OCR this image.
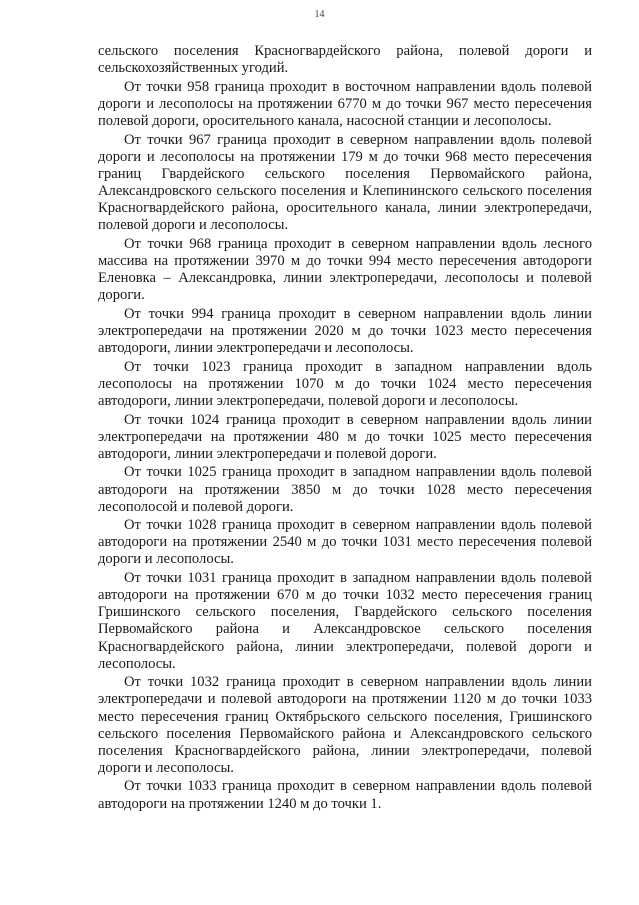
14

сельского поселения Красногвардейского района, полевой дороги и сельскохозяйственных угодий.

От точки 958 граница проходит в восточном направлении вдоль полевой дороги и лесополосы на протяжении 6770 м до точки 967 место пересечения полевой дороги, оросительного канала, насосной станции и лесополосы.

От точки 967 граница проходит в северном направлении вдоль полевой дороги и лесополосы на протяжении 179 м до точки 968 место пересечения границ Гвардейского сельского поселения Первомайского района, Александровского сельского поселения и Клепининского сельского поселения Красногвардейского района, оросительного канала, линии электропередачи, полевой дороги и лесополосы.

От точки 968 граница проходит в северном направлении вдоль лесного массива на протяжении 3970 м до точки 994 место пересечения автодороги Еленовка – Александровка, линии электропередачи, лесополосы и полевой дороги.

От точки 994 граница проходит в северном направлении вдоль линии электропередачи на протяжении 2020 м до точки 1023 место пересечения автодороги, линии электропередачи и лесополосы.

От точки 1023 граница проходит в западном направлении вдоль лесополосы на протяжении 1070 м до точки 1024 место пересечения автодороги, линии электропередачи, полевой дороги и лесополосы.

От точки 1024 граница проходит в северном направлении вдоль линии электропередачи на протяжении 480 м до точки 1025 место пересечения автодороги, линии электропередачи и полевой дороги.

От точки 1025 граница проходит в западном направлении вдоль полевой автодороги на протяжении 3850 м до точки 1028 место пересечения лесополосой и полевой дороги.

От точки 1028 граница проходит в северном направлении вдоль полевой автодороги на протяжении 2540 м до точки 1031 место пересечения полевой дороги и лесополосы.

От точки 1031 граница проходит в западном направлении вдоль полевой автодороги на протяжении 670 м до точки 1032 место пересечения границ Гришинского сельского поселения, Гвардейского сельского поселения Первомайского района и Александровское сельского поселения Красногвардейского района, линии электропередачи, полевой дороги и лесополосы.

От точки 1032 граница проходит в северном направлении вдоль линии электропередачи и полевой автодороги на протяжении 1120 м до точки 1033 место пересечения границ Октябрьского сельского поселения, Гришинского сельского поселения Первомайского района и Александровского сельского поселения Красногвардейского района, линии электропередачи, полевой дороги и лесополосы.

От точки 1033 граница проходит в северном направлении вдоль полевой автодороги на протяжении 1240 м до точки 1.
